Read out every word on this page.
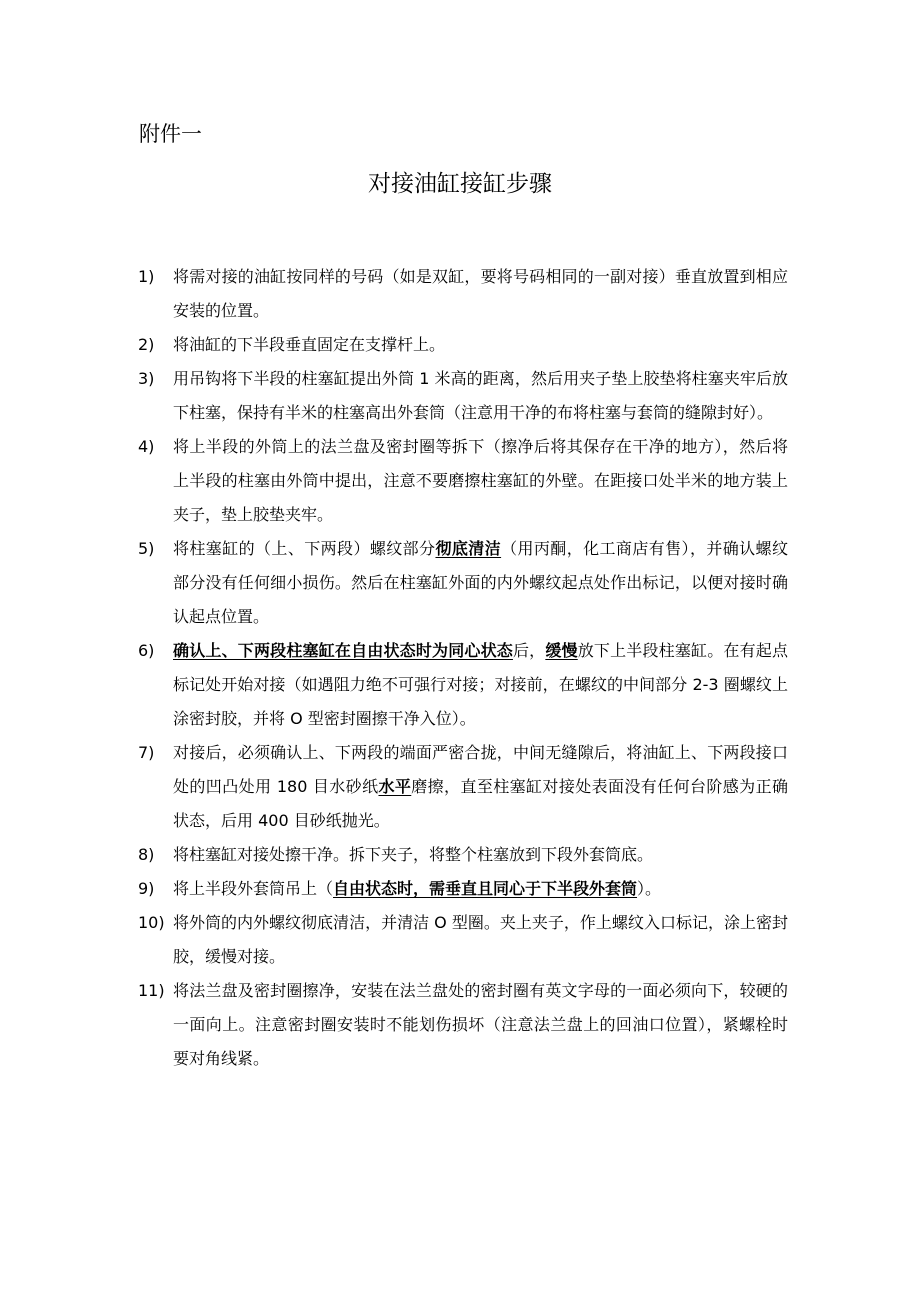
附件一
对接油缸接缸步骤
1) 将需对接的油缸按同样的号码（如是双缸，要将号码相同的一副对接）垂直放置到相应安装的位置。
2) 将油缸的下半段垂直固定在支撑杆上。
3) 用吊钩将下半段的柱塞缸提出外筒 1 米高的距离，然后用夹子垫上胶垫将柱塞夹牢后放下柱塞，保持有半米的柱塞高出外套筒（注意用干净的布将柱塞与套筒的缝隙封好）。
4) 将上半段的外筒上的法兰盘及密封圈等拆下（擦净后将其保存在干净的地方），然后将上半段的柱塞由外筒中提出，注意不要磨擦柱塞缸的外壁。在距接口处半米的地方装上夹子，垫上胶垫夹牢。
5) 将柱塞缸的（上、下两段）螺纹部分彻底清洁（用丙酮，化工商店有售），并确认螺纹部分没有任何细小损伤。然后在柱塞缸外面的内外螺纹起点处作出标记，以便对接时确认起点位置。
6) 确认上、下两段柱塞缸在自由状态时为同心状态后，缓慢放下上半段柱塞缸。在有起点标记处开始对接（如遇阻力绝不可强行对接；对接前，在螺纹的中间部分 2-3 圈螺纹上涂密封胶，并将 O 型密封圈擦干净入位）。
7) 对接后，必须确认上、下两段的端面严密合拢，中间无缝隙后，将油缸上、下两段接口处的凹凸处用 180 目水砂纸水平磨擦，直至柱塞缸对接处表面没有任何台阶感为正确状态，后用 400 目砂纸抛光。
8) 将柱塞缸对接处擦干净。拆下夹子，将整个柱塞放到下段外套筒底。
9) 将上半段外套筒吊上（自由状态时，需垂直且同心于下半段外套筒）。
10) 将外筒的内外螺纹彻底清洁，并清洁 O 型圈。夹上夹子，作上螺纹入口标记，涂上密封胶，缓慢对接。
11) 将法兰盘及密封圈擦净，安装在法兰盘处的密封圈有英文字母的一面必须向下，较硬的一面向上。注意密封圈安装时不能划伤损坏（注意法兰盘上的回油口位置），紧螺栓时要对角线紧。
